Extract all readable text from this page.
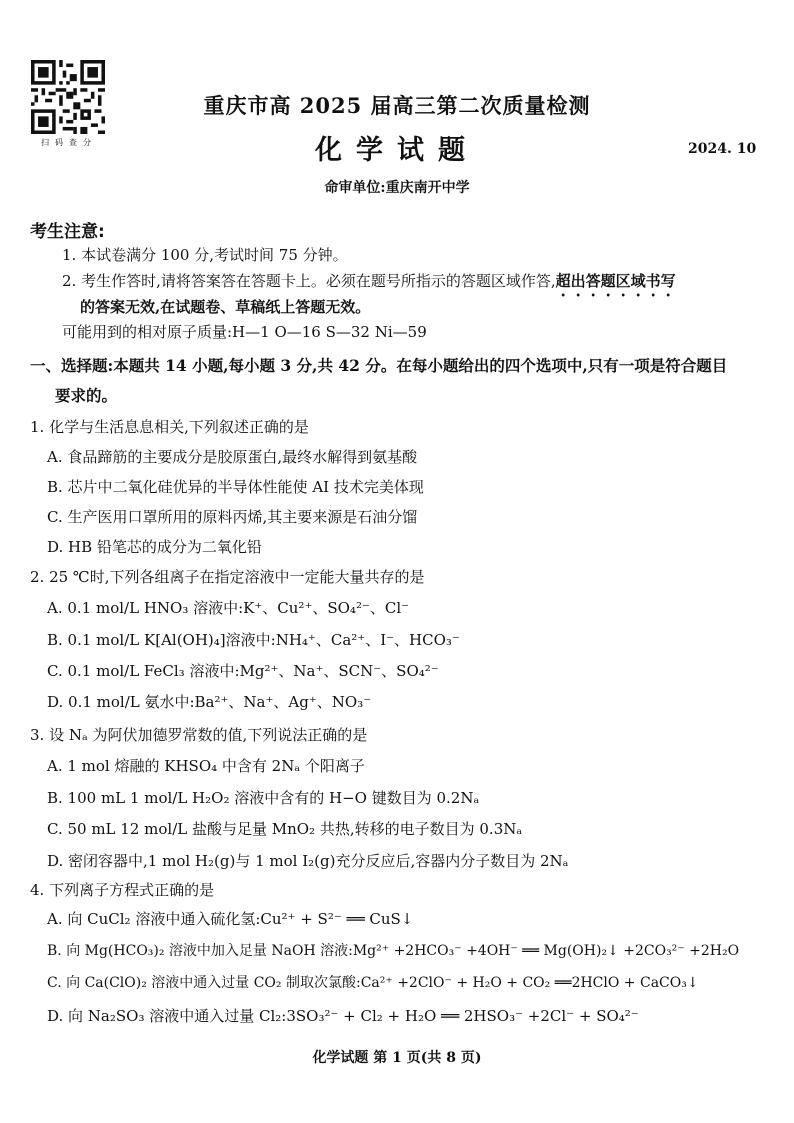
扫码查分
重庆市高 2025 届高三第二次质量检测
化学试题	2024. 10
命审单位:重庆南开中学
考生注意:
1. 本试卷满分 100 分,考试时间 75 分钟。
2. 考生作答时,请将答案答在答题卡上。必须在题号所指示的答题区域作答,超出答题区域书写
的答案无效,在试题卷、草稿纸上答题无效。
可能用到的相对原子质量:H—1 O—16 S—32 Ni—59
一、选择题:本题共 14 小题,每小题 3 分,共 42 分。在每小题给出的四个选项中,只有一项是符合题目
要求的。
1. 化学与生活息息相关,下列叙述正确的是
A. 食品蹄筋的主要成分是胶原蛋白,最终水解得到氨基酸
B. 芯片中二氧化硅优异的半导体性能使 AI 技术完美体现
C. 生产医用口罩所用的原料丙烯,其主要来源是石油分馏
D. HB 铅笔芯的成分为二氧化铅
2. 25 ℃时,下列各组离子在指定溶液中一定能大量共存的是
A. 0.1 mol/L HNO₃ 溶液中:K⁺、Cu²⁺、SO₄²⁻、Cl⁻
B. 0.1 mol/L K[Al(OH)₄]溶液中:NH₄⁺、Ca²⁺、I⁻、HCO₃⁻
C. 0.1 mol/L FeCl₃ 溶液中:Mg²⁺、Na⁺、SCN⁻、SO₄²⁻
D. 0.1 mol/L 氨水中:Ba²⁺、Na⁺、Ag⁺、NO₃⁻
3. 设 Nₐ 为阿伏加德罗常数的值,下列说法正确的是
A. 1 mol 熔融的 KHSO₄ 中含有 2Nₐ 个阳离子
B. 100 mL 1 mol/L H₂O₂ 溶液中含有的 H−O 键数目为 0.2Nₐ
C. 50 mL 12 mol/L 盐酸与足量 MnO₂ 共热,转移的电子数目为 0.3Nₐ
D. 密闭容器中,1 mol H₂(g)与 1 mol I₂(g)充分反应后,容器内分子数目为 2Nₐ
4. 下列离子方程式正确的是
A. 向 CuCl₂ 溶液中通入硫化氢:Cu²⁺ + S²⁻ ══ CuS↓
B. 向 Mg(HCO₃)₂ 溶液中加入足量 NaOH 溶液:Mg²⁺ +2HCO₃⁻ +4OH⁻ ══ Mg(OH)₂↓ +2CO₃²⁻ +2H₂O
C. 向 Ca(ClO)₂ 溶液中通入过量 CO₂ 制取次氯酸:Ca²⁺ +2ClO⁻ + H₂O + CO₂ ══2HClO + CaCO₃↓
D. 向 Na₂SO₃ 溶液中通入过量 Cl₂:3SO₃²⁻ + Cl₂ + H₂O ══ 2HSO₃⁻ +2Cl⁻ + SO₄²⁻
化学试题 第 1 页(共 8 页)
